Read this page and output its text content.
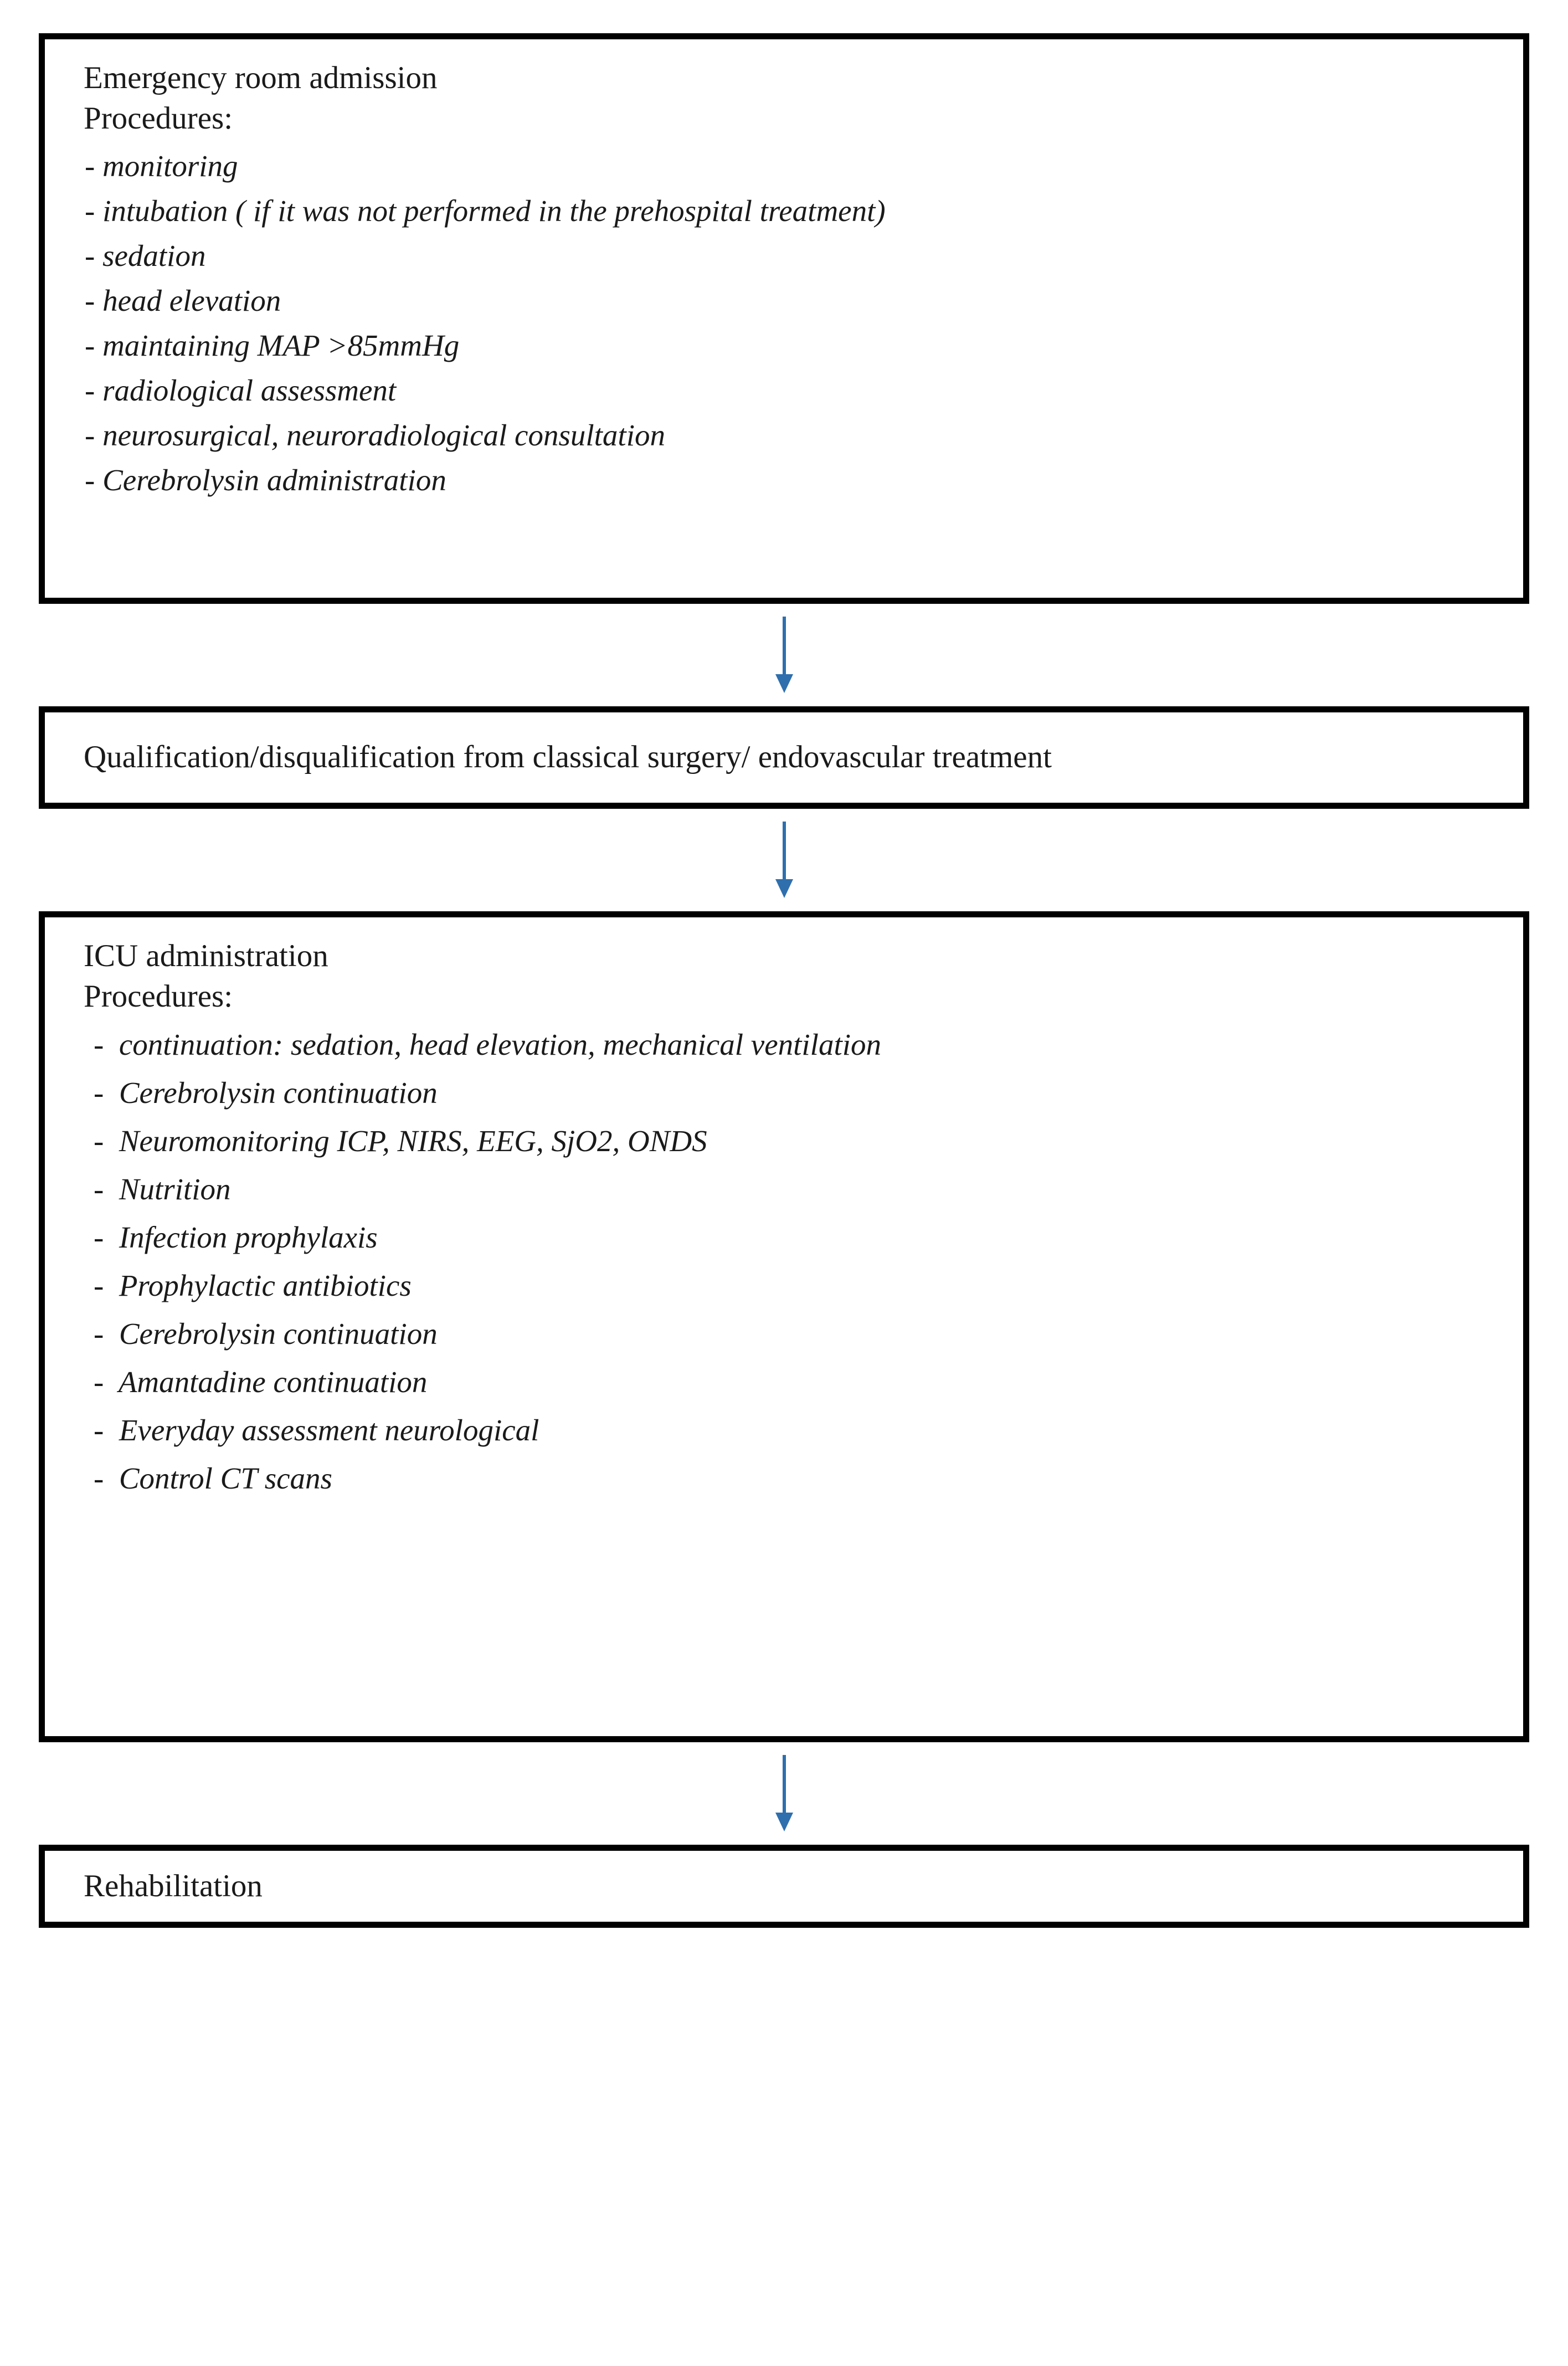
Emergency room admission
Procedures:
- monitoring
- intubation ( if it was not performed in the prehospital treatment)
- sedation
- head elevation
- maintaining MAP >85mmHg
- radiological assessment
- neurosurgical, neuroradiological consultation
- Cerebrolysin administration
Qualification/disqualification from classical surgery/ endovascular treatment
ICU administration
Procedures:
-  continuation: sedation, head elevation, mechanical ventilation
-  Cerebrolysin continuation
-  Neuromonitoring ICP, NIRS, EEG, SjO2, ONDS
-  Nutrition
-  Infection prophylaxis
-  Prophylactic antibiotics
-  Cerebrolysin continuation
-  Amantadine continuation
-  Everyday assessment neurological
-  Control CT scans
Rehabilitation
